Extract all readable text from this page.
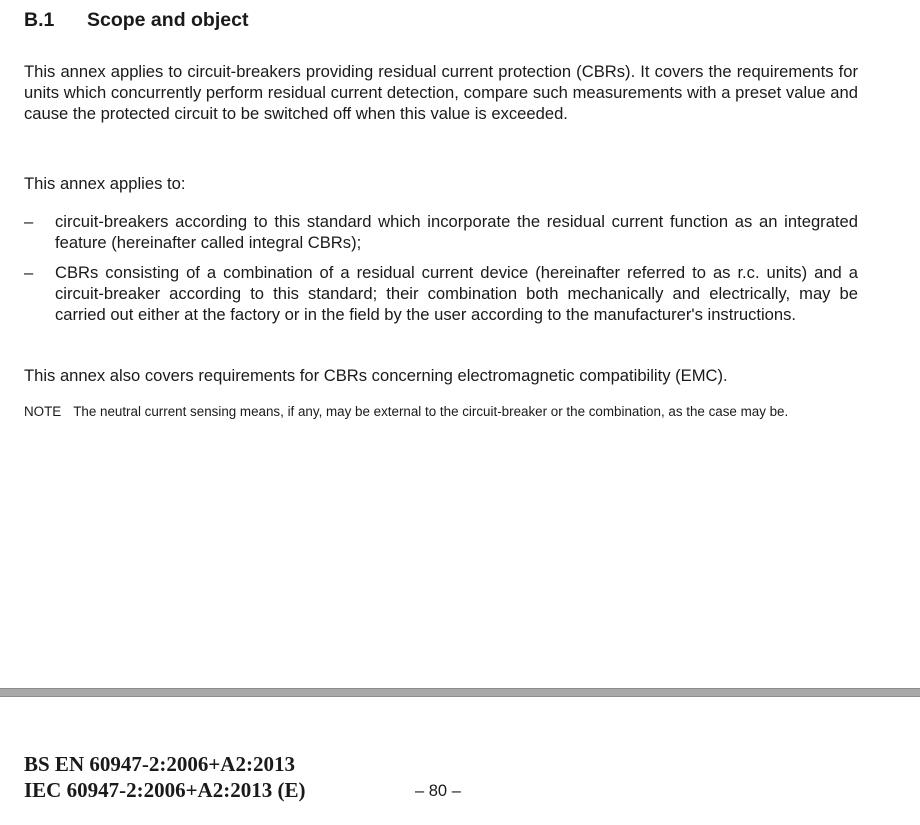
B.1 Scope and object

This annex applies to circuit-breakers providing residual current protection (CBRs). It covers the requirements for units which concurrently perform residual current detection, compare such measurements with a preset value and cause the protected circuit to be switched off when this value is exceeded.

This annex applies to:

– circuit-breakers according to this standard which incorporate the residual current function as an integrated feature (hereinafter called integral CBRs);
– CBRs consisting of a combination of a residual current device (hereinafter referred to as r.c. units) and a circuit-breaker according to this standard; their combination both mechanically and electrically, may be carried out either at the factory or in the field by the user according to the manufacturer's instructions.

This annex also covers requirements for CBRs concerning electromagnetic compatibility (EMC).

NOTE The neutral current sensing means, if any, may be external to the circuit-breaker or the combination, as the case may be.
BS EN 60947-2:2006+A2:2013
IEC 60947-2:2006+A2:2013 (E)	– 80 –
